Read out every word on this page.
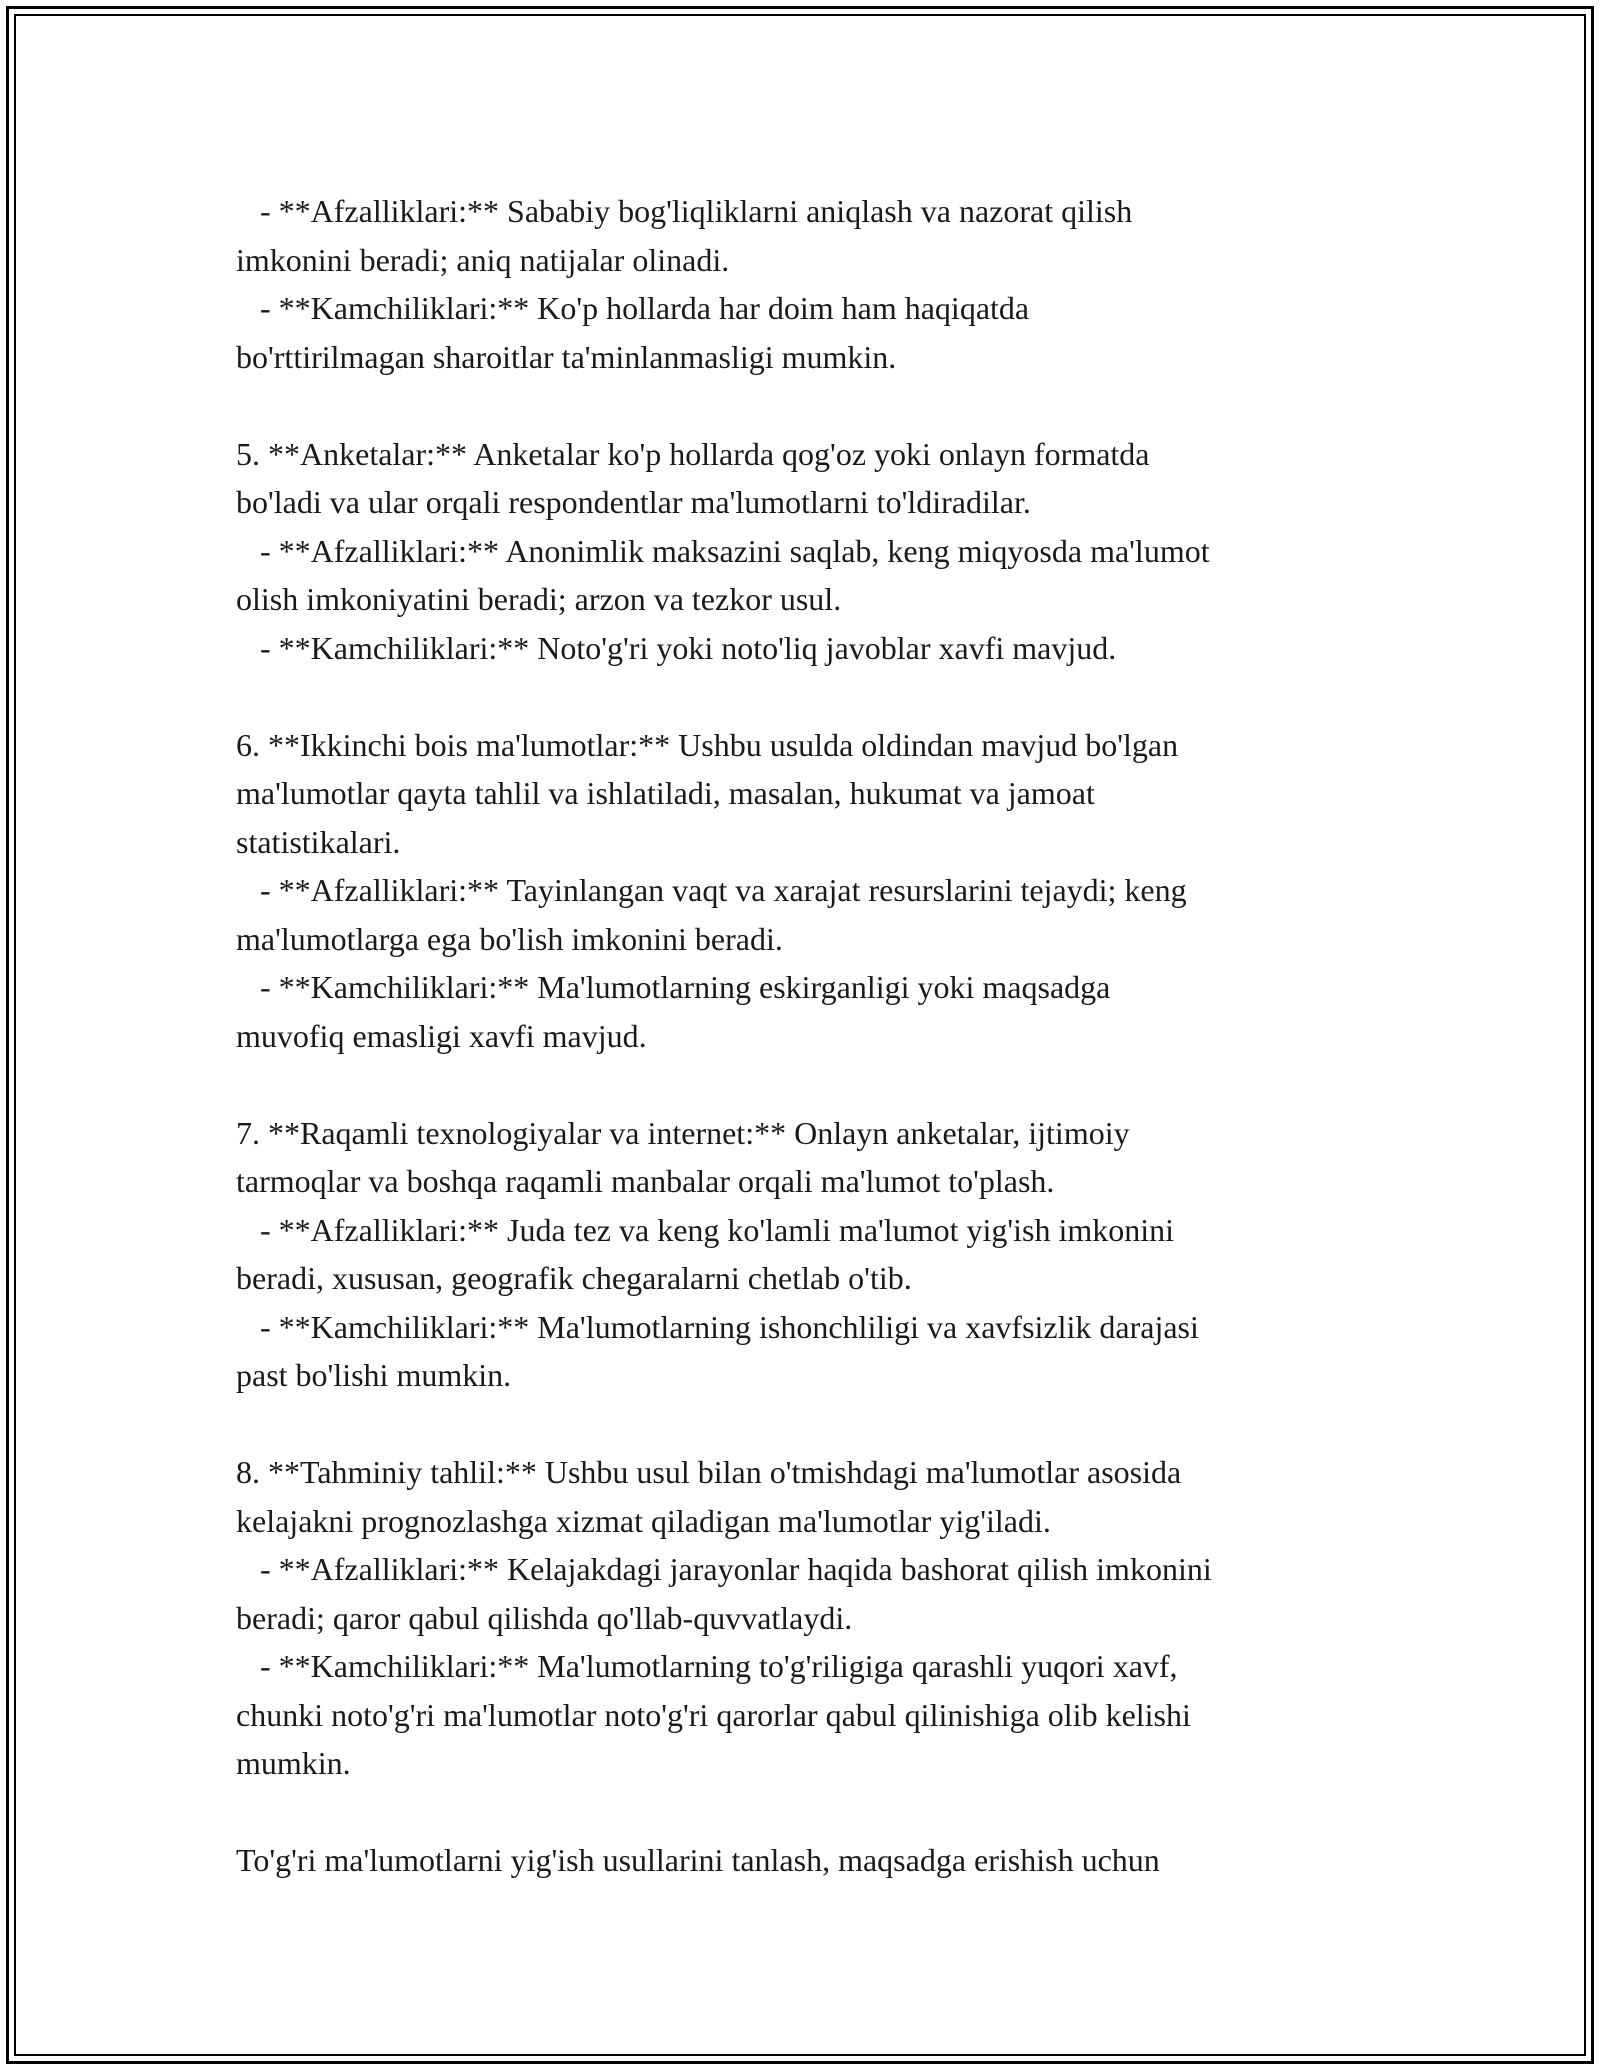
- **Afzalliklari:** Sababiy bog'liqliklarni aniqlash va nazorat qilish
imkonini beradi; aniq natijalar olinadi.
- **Kamchiliklari:** Ko'p hollarda har doim ham haqiqatda
bo'rttirilmagan sharoitlar ta'minlanmasligi mumkin.
5. **Anketalar:** Anketalar ko'p hollarda qog'oz yoki onlayn formatda
bo'ladi va ular orqali respondentlar ma'lumotlarni to'ldiradilar.
- **Afzalliklari:** Anonimlik maksazini saqlab, keng miqyosda ma'lumot
olish imkoniyatini beradi; arzon va tezkor usul.
- **Kamchiliklari:** Noto'g'ri yoki noto'liq javoblar xavfi mavjud.
6. **Ikkinchi bois ma'lumotlar:** Ushbu usulda oldindan mavjud bo'lgan
ma'lumotlar qayta tahlil va ishlatiladi, masalan, hukumat va jamoat
statistikalari.
- **Afzalliklari:** Tayinlangan vaqt va xarajat resurslarini tejaydi; keng
ma'lumotlarga ega bo'lish imkonini beradi.
- **Kamchiliklari:** Ma'lumotlarning eskirganligi yoki maqsadga
muvofiq emasligi xavfi mavjud.
7. **Raqamli texnologiyalar va internet:** Onlayn anketalar, ijtimoiy
tarmoqlar va boshqa raqamli manbalar orqali ma'lumot to'plash.
- **Afzalliklari:** Juda tez va keng ko'lamli ma'lumot yig'ish imkonini
beradi, xususan, geografik chegaralarni chetlab o'tib.
- **Kamchiliklari:** Ma'lumotlarning ishonchliligi va xavfsizlik darajasi
past bo'lishi mumkin.
8. **Tahminiy tahlil:** Ushbu usul bilan o'tmishdagi ma'lumotlar asosida
kelajakni prognozlashga xizmat qiladigan ma'lumotlar yig'iladi.
- **Afzalliklari:** Kelajakdagi jarayonlar haqida bashorat qilish imkonini
beradi; qaror qabul qilishda qo'llab-quvvatlaydi.
- **Kamchiliklari:** Ma'lumotlarning to'g'riligiga qarashli yuqori xavf,
chunki noto'g'ri ma'lumotlar noto'g'ri qarorlar qabul qilinishiga olib kelishi
mumkin.
To'g'ri ma'lumotlarni yig'ish usullarini tanlash, maqsadga erishish uchun
